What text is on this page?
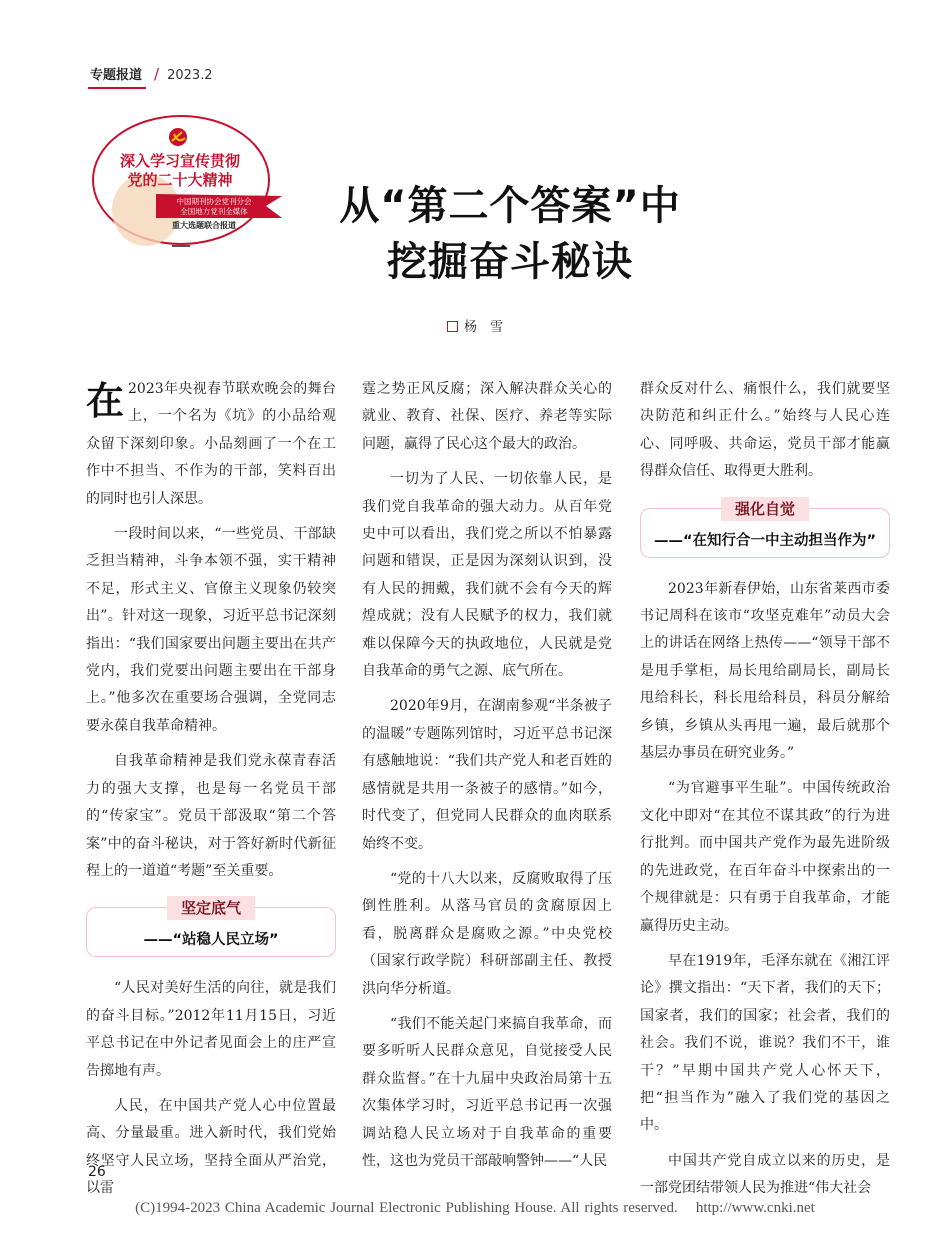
专题报道 / 2023.2
深入学习宣传贯彻
党的二十大精神
中国期刊协会党刊分会
全国地方党刊全媒体
重大选题联合报道	从“第二个答案”中
挖掘奋斗秘诀
杨　雪

在 2023年央视春节联欢晚会的舞台上，一个名为《坑》的小品给观众留下深刻印象。小品刻画了一个在工作中不担当、不作为的干部，笑料百出的同时也引人深思。

一段时间以来，“一些党员、干部缺乏担当精神，斗争本领不强，实干精神不足，形式主义、官僚主义现象仍较突出”。针对这一现象，习近平总书记深刻指出：“我们国家要出问题主要出在共产党内，我们党要出问题主要出在干部身上。”他多次在重要场合强调，全党同志要永葆自我革命精神。

自我革命精神是我们党永葆青春活力的强大支撑，也是每一名党员干部的“传家宝”。党员干部汲取“第二个答案”中的奋斗秘诀，对于答好新时代新征程上的一道道“考题”至关重要。

坚定底气
——“站稳人民立场”

“人民对美好生活的向往，就是我们的奋斗目标。”2012年11月15日，习近平总书记在中外记者见面会上的庄严宣告掷地有声。

人民，在中国共产党人心中位置最高、分量最重。进入新时代，我们党始终坚守人民立场，坚持全面从严治党，以雷

霆之势正风反腐；深入解决群众关心的就业、教育、社保、医疗、养老等实际问题，赢得了民心这个最大的政治。

一切为了人民、一切依靠人民，是我们党自我革命的强大动力。从百年党史中可以看出，我们党之所以不怕暴露问题和错误，正是因为深刻认识到，没有人民的拥戴，我们就不会有今天的辉煌成就；没有人民赋予的权力，我们就难以保障今天的执政地位，人民就是党自我革命的勇气之源、底气所在。

2020年9月，在湖南参观“半条被子的温暖”专题陈列馆时，习近平总书记深有感触地说：“我们共产党人和老百姓的感情就是共用一条被子的感情。”如今，时代变了，但党同人民群众的血肉联系始终不变。

“党的十八大以来，反腐败取得了压倒性胜利。从落马官员的贪腐原因上看，脱离群众是腐败之源。”中央党校（国家行政学院）科研部副主任、教授洪向华分析道。

“我们不能关起门来搞自我革命，而要多听听人民群众意见，自觉接受人民群众监督。”在十九届中央政治局第十五次集体学习时，习近平总书记再一次强调站稳人民立场对于自我革命的重要性，这也为党员干部敲响警钟——“人民

群众反对什么、痛恨什么，我们就要坚决防范和纠正什么。”始终与人民心连心、同呼吸、共命运，党员干部才能赢得群众信任、取得更大胜利。

强化自觉
——“在知行合一中主动担当作为”

2023年新春伊始，山东省莱西市委书记周科在该市“攻坚克难年”动员大会上的讲话在网络上热传——“领导干部不是甩手掌柜，局长甩给副局长，副局长甩给科长，科长甩给科员，科员分解给乡镇，乡镇从头再甩一遍，最后就那个基层办事员在研究业务。”

“为官避事平生耻”。中国传统政治文化中即对“在其位不谋其政”的行为进行批判。而中国共产党作为最先进阶级的先进政党，在百年奋斗中探索出的一个规律就是：只有勇于自我革命，才能赢得历史主动。

早在1919年，毛泽东就在《湘江评论》撰文指出：“天下者，我们的天下；国家者，我们的国家；社会者，我们的社会。我们不说，谁说？我们不干，谁干？”早期中国共产党人心怀天下，把“担当作为”融入了我们党的基因之中。

中国共产党自成立以来的历史，是一部党团结带领人民为推进“伟大社会

26
(C)1994-2023 China Academic Journal Electronic Publishing House. All rights reserved. http://www.cnki.net
